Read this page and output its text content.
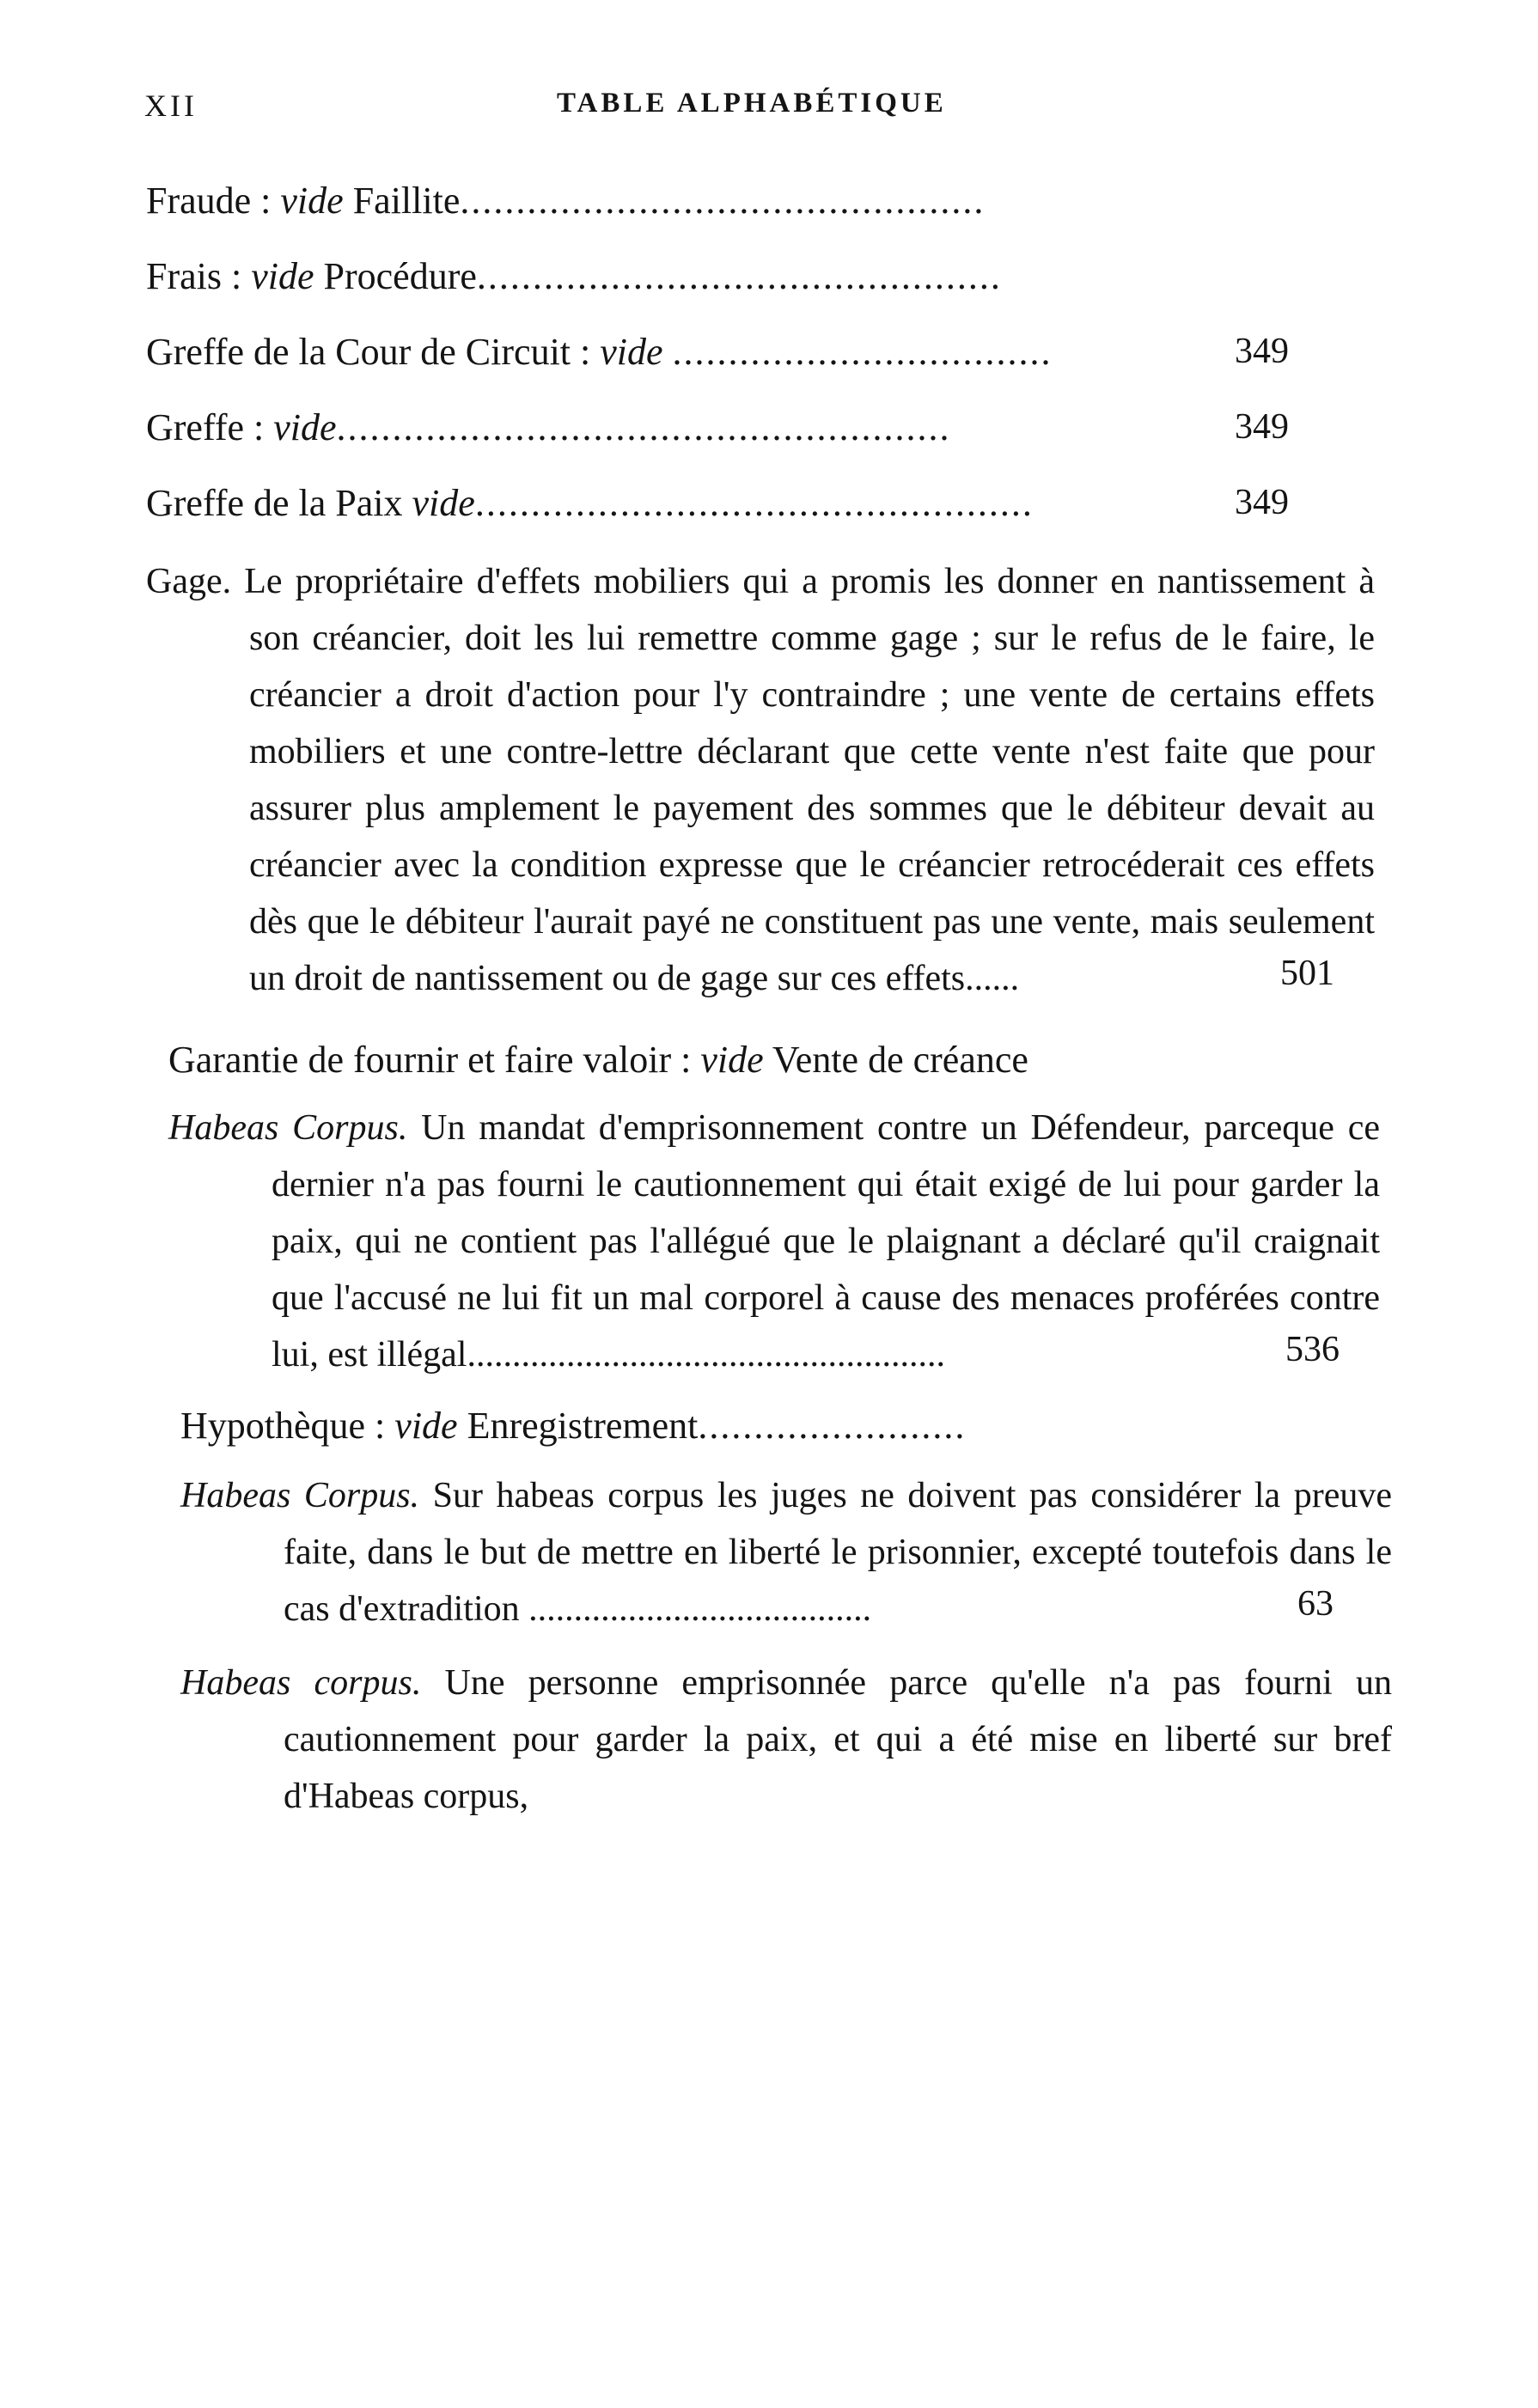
XII	TABLE ALPHABÉTIQUE
Fraude : vide Faillite...............................................
Frais : vide Procédure...............................................
Greffe de la Cour de Circuit : vide ..................................	349
Greffe : vide.......................................................	349
Greffe de la Paix vide..................................................	349
Gage. Le propriétaire d'effets mobiliers qui a promis les donner en nantissement à son créancier, doit les lui remettre comme gage ; sur le refus de le faire, le créancier a droit d'action pour l'y contraindre ; une vente de certains effets mobiliers et une contre-lettre déclarant que cette vente n'est faite que pour assurer plus amplement le payement des sommes que le débiteur devait au créancier avec la condition expresse que le créancier retrocéderait ces effets dès que le débiteur l'aurait payé ne constituent pas une vente, mais seulement un droit de nantissement ou de gage sur ces effets......	501
Garantie de fournir et faire valoir : vide Vente de créance
Habeas Corpus. Un mandat d'emprisonnement contre un Défendeur, parceque ce dernier n'a pas fourni le cautionnement qui était exigé de lui pour garder la paix, qui ne contient pas l'allégué que le plaignant a déclaré qu'il craignait que l'accusé ne lui fit un mal corporel à cause des menaces proférées contre lui, est illégal.....................................................	536
Hypothèque : vide Enregistrement........................
Habeas Corpus. Sur habeas corpus les juges ne doivent pas considérer la preuve faite, dans le but de mettre en liberté le prisonnier, excepté toutefois dans le cas d'extradition ......................................	63
Habeas corpus. Une personne emprisonnée parce qu'elle n'a pas fourni un cautionnement pour garder la paix, et qui a été mise en liberté sur bref d'Habeas corpus,
